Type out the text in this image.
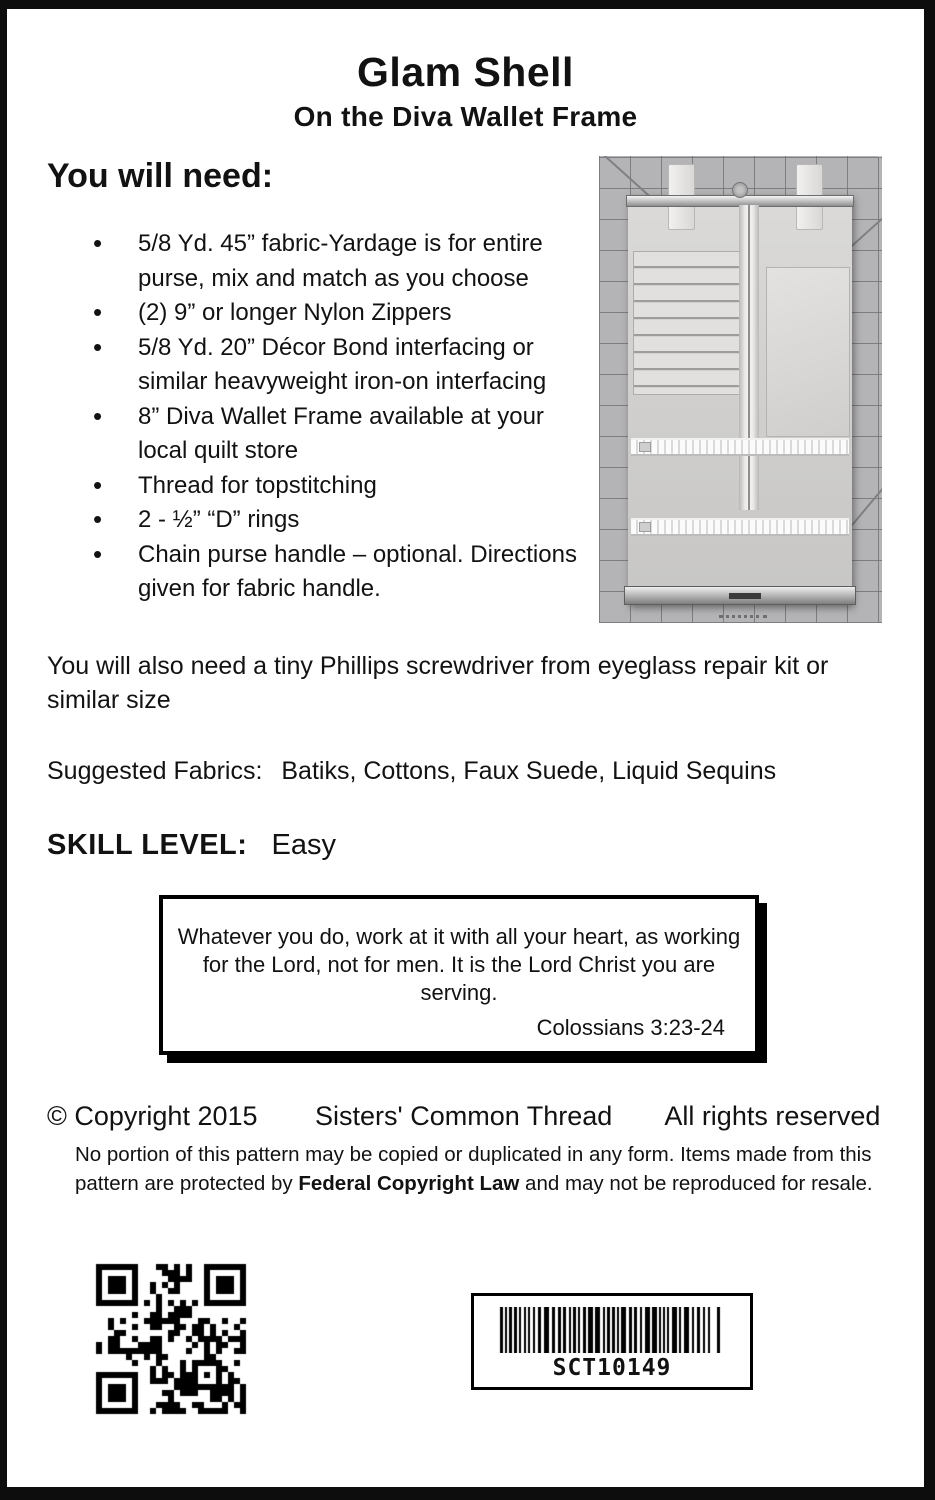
Glam Shell
On the Diva Wallet Frame
You will need:
• 5/8 Yd. 45” fabric-Yardage is for entire purse, mix and match as you choose
• (2) 9” or longer Nylon Zippers
• 5/8 Yd. 20” Décor Bond interfacing or similar heavyweight iron-on interfacing
• 8” Diva Wallet Frame available at your local quilt store
• Thread for topstitching
• 2 - ½” “D” rings
• Chain purse handle – optional. Directions given for fabric handle.
You will also need a tiny Phillips screwdriver from eyeglass repair kit or similar size
Suggested Fabrics: Batiks, Cottons, Faux Suede, Liquid Sequins
SKILL LEVEL: Easy
Whatever you do, work at it with all your heart, as working for the Lord, not for men. It is the Lord Christ you are serving.
Colossians 3:23-24
© Copyright 2015 Sisters' Common Thread All rights reserved
No portion of this pattern may be copied or duplicated in any form. Items made from this
pattern are protected by Federal Copyright Law and may not be reproduced for resale.
SCT10149
